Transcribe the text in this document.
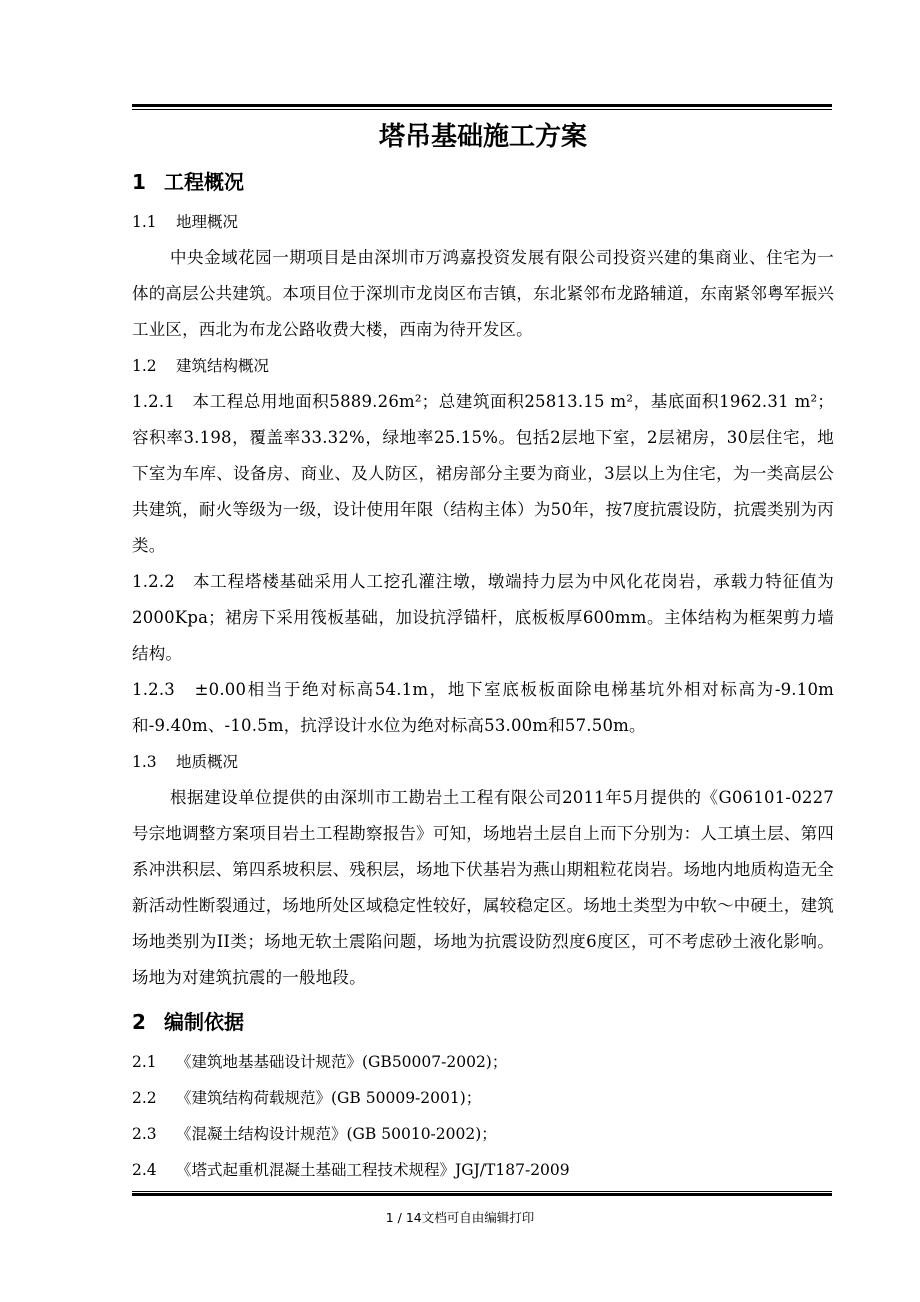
塔吊基础施工方案
1 工程概况
1.1 地理概况
中央金域花园一期项目是由深圳市万鸿嘉投资发展有限公司投资兴建的集商业、住宅为一体的高层公共建筑。本项目位于深圳市龙岗区布吉镇，东北紧邻布龙路辅道，东南紧邻粤军振兴工业区，西北为布龙公路收费大楼，西南为待开发区。
1.2 建筑结构概况
1.2.1　本工程总用地面积5889.26m²；总建筑面积25813.15 m²，基底面积1962.31 m²；容积率3.198，覆盖率33.32%，绿地率25.15%。包括2层地下室，2层裙房，30层住宅，地下室为车库、设备房、商业、及人防区，裙房部分主要为商业，3层以上为住宅，为一类高层公共建筑，耐火等级为一级，设计使用年限（结构主体）为50年，按7度抗震设防，抗震类别为丙类。
1.2.2　本工程塔楼基础采用人工挖孔灌注墩，墩端持力层为中风化花岗岩，承载力特征值为2000Kpa；裙房下采用筏板基础，加设抗浮锚杆，底板板厚600mm。主体结构为框架剪力墙结构。
1.2.3　±0.00相当于绝对标高54.1m，地下室底板板面除电梯基坑外相对标高为-9.10m和-9.40m、-10.5m，抗浮设计水位为绝对标高53.00m和57.50m。
1.3 地质概况
根据建设单位提供的由深圳市工勘岩土工程有限公司2011年5月提供的《G06101-0227号宗地调整方案项目岩土工程勘察报告》可知，场地岩土层自上而下分别为：人工填土层、第四系冲洪积层、第四系坡积层、残积层，场地下伏基岩为燕山期粗粒花岗岩。场地内地质构造无全新活动性断裂通过，场地所处区域稳定性较好，属较稳定区。场地土类型为中软～中硬土，建筑场地类别为II类；场地无软土震陷问题，场地为抗震设防烈度6度区，可不考虑砂土液化影响。场地为对建筑抗震的一般地段。
2 编制依据
2.1 《建筑地基基础设计规范》(GB50007-2002)；
2.2 《建筑结构荷载规范》(GB 50009-2001)；
2.3 《混凝土结构设计规范》(GB 50010-2002)；
2.4 《塔式起重机混凝土基础工程技术规程》JGJ/T187-2009
1 / 14文档可自由编辑打印
